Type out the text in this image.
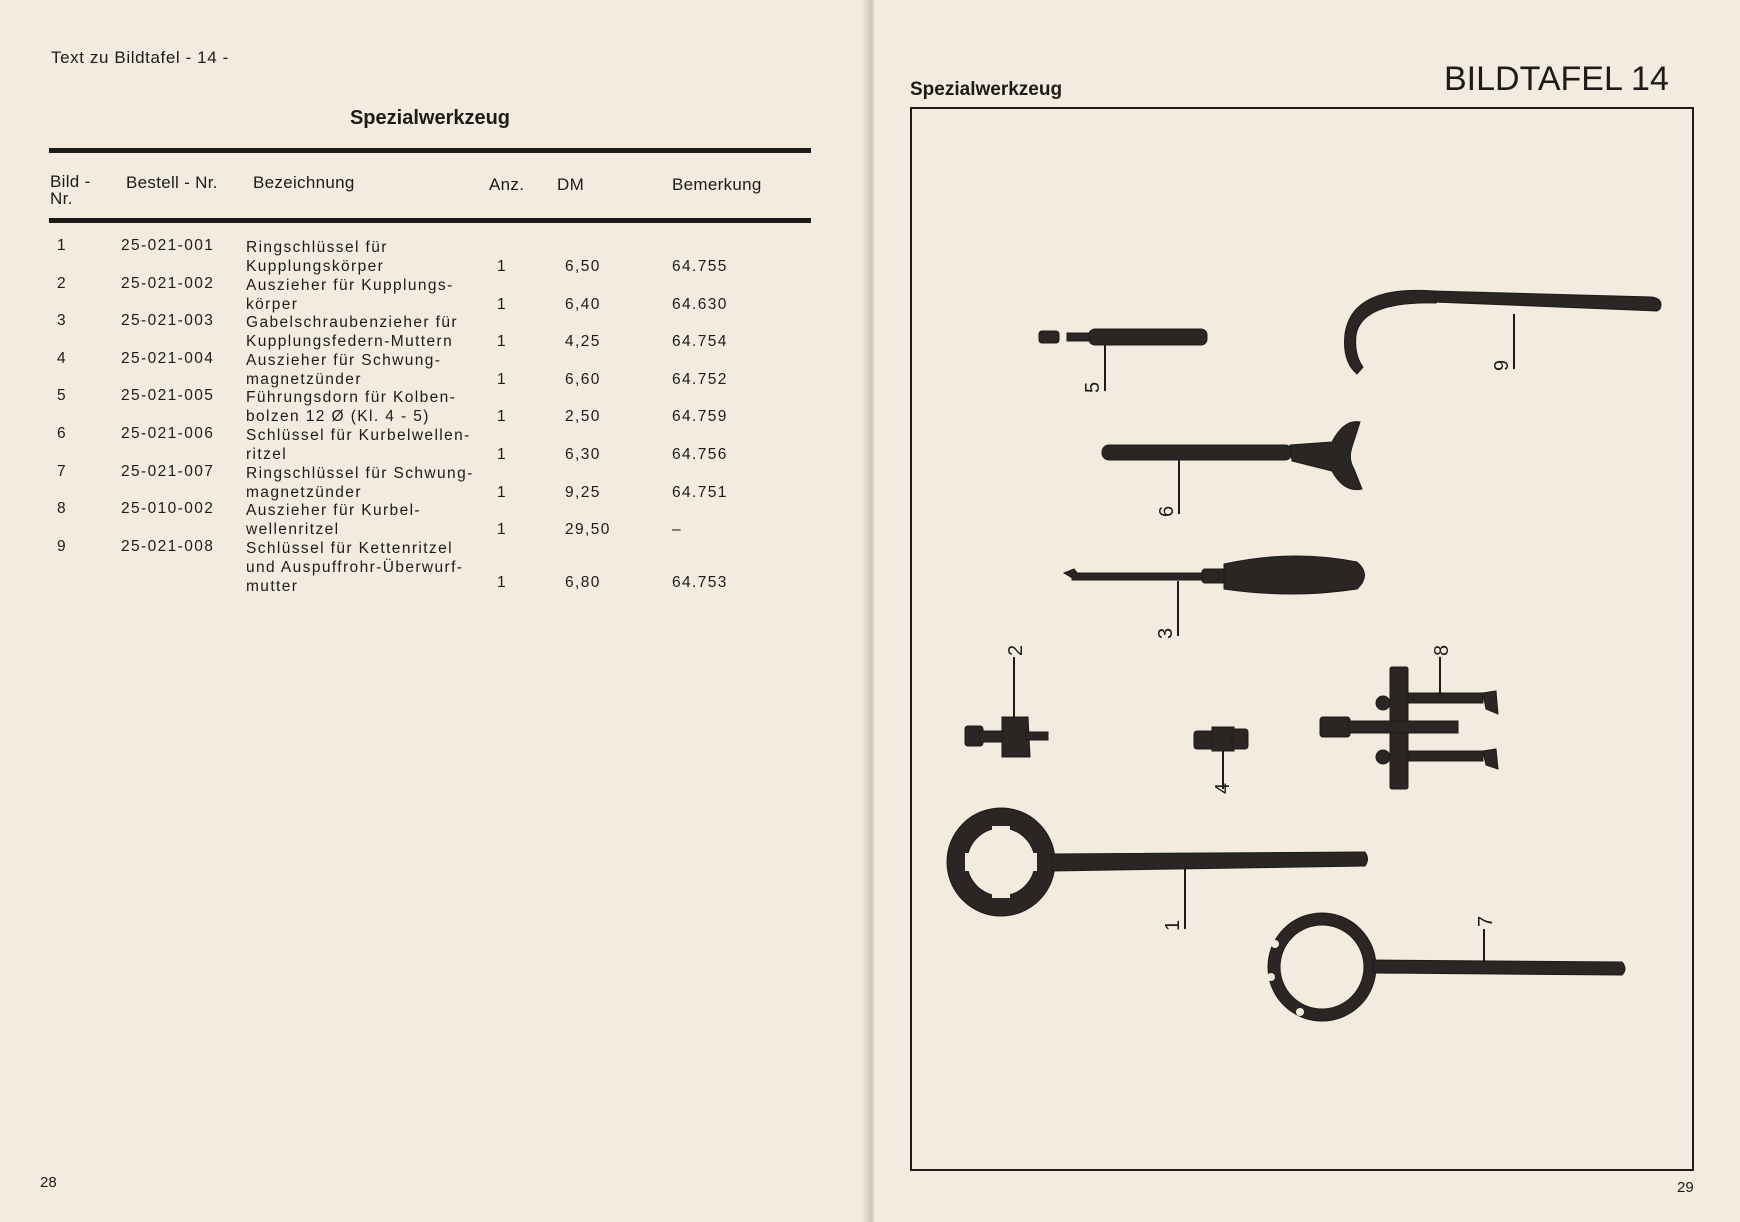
Text zu Bildtafel - 14 -
Spezialwerkzeug
Bild - Nr.
Bestell - Nr. Bezeichnung	Anz. DM	Bemerkung
1	25-021-001 Ringschlüssel für
Kupplungskörper	1	6,50	64.755
2	25-021-002 Auszieher für Kupplungs-
körper	1	6,40	64.630
3	25-021-003 Gabelschraubenzieher für
Kupplungsfedern-Muttern	1	4,25	64.754
4	25-021-004 Auszieher für Schwung-
magnetzünder	1	6,60	64.752
5	25-021-005 Führungsdorn für Kolben-
bolzen 12 Ø (Kl. 4 - 5)	1	2,50	64.759
6	25-021-006 Schlüssel für Kurbelwellen-
ritzel	1	6,30	64.756
7	25-021-007 Ringschlüssel für Schwung-
magnetzünder	1	9,25	64.751
8	25-010-002 Auszieher für Kurbel-
wellenritzel	1	29,50	–
9	25-021-008 Schlüssel für Kettenritzel
und Auspuffrohr-Überwurf-
mutter	1	6,80	64.753
28
Spezialwerkzeug	BILDTAFEL 14
9
5
6
3
2
4
8
1	7
29
